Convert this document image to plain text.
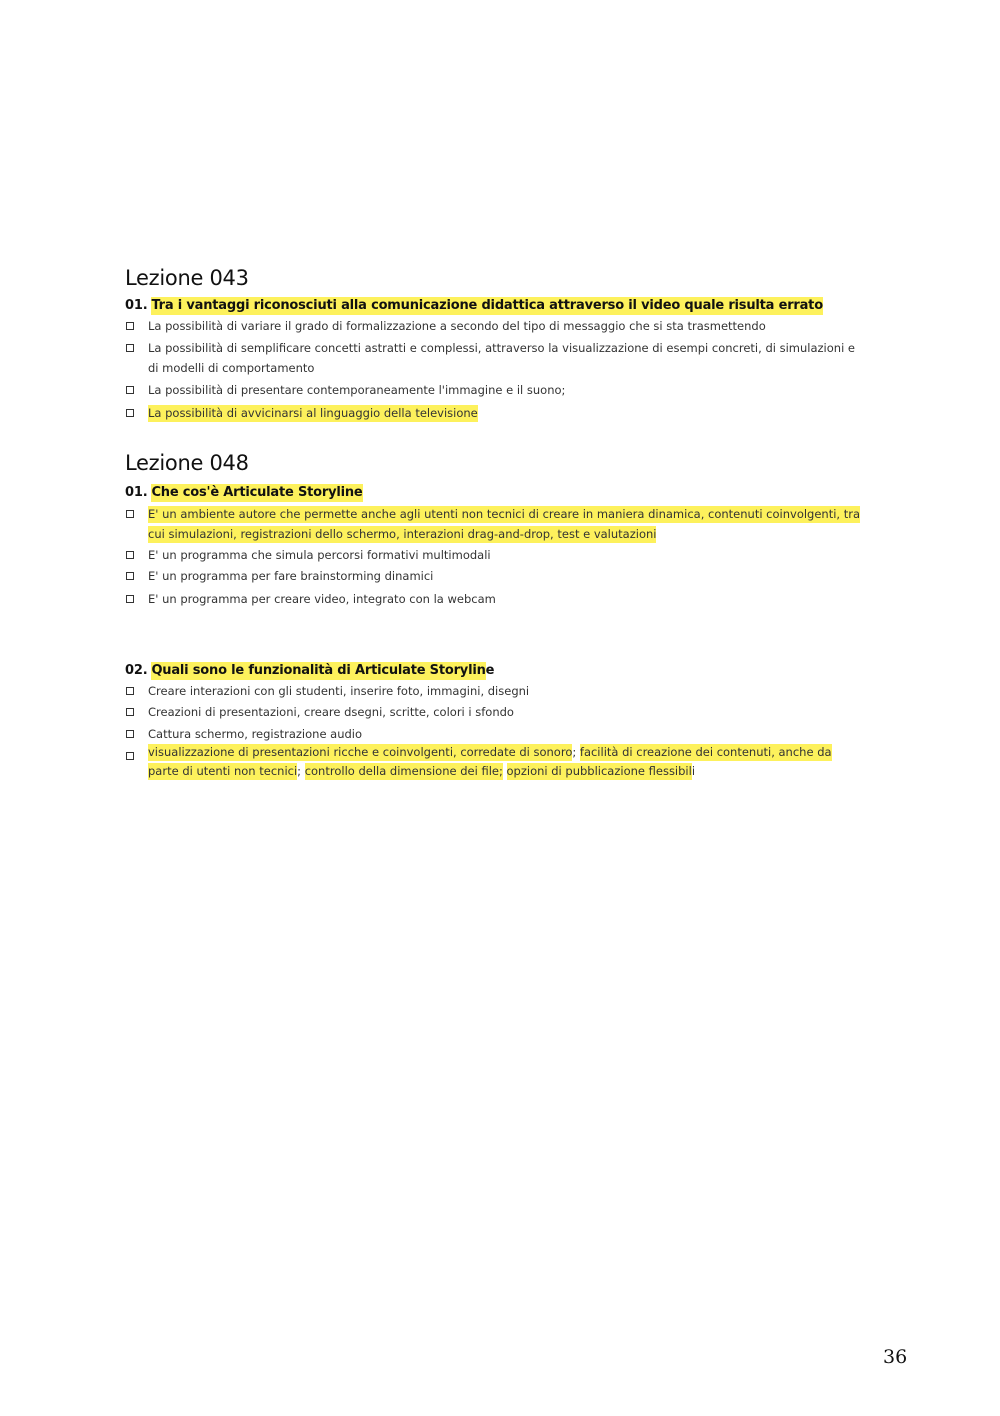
Lezione 043

01. Tra i vantaggi riconosciuti alla comunicazione didattica attraverso il video quale risulta errato

La possibilità di variare il grado di formalizzazione a secondo del tipo di messaggio che si sta trasmettendo
La possibilità di semplificare concetti astratti e complessi, attraverso la visualizzazione di esempi concreti, di simulazioni e di modelli di comportamento
La possibilità di presentare contemporaneamente l'immagine e il suono;
La possibilità di avvicinarsi al linguaggio della televisione
Lezione 048

01. Che cos'è Articulate Storyline

E' un ambiente autore che permette anche agli utenti non tecnici di creare in maniera dinamica, contenuti coinvolgenti, tra cui simulazioni, registrazioni dello schermo, interazioni drag-and-drop, test e valutazioni
E' un programma che simula percorsi formativi multimodali
E' un programma per fare brainstorming dinamici
E' un programma per creare video, integrato con la webcam

02. Quali sono le funzionalità di Articulate Storyline

Creare interazioni con gli studenti, inserire foto, immagini, disegni
Creazioni di presentazioni, creare dsegni, scritte, colori i sfondo
Cattura schermo, registrazione audio
visualizzazione di presentazioni ricche e coinvolgenti, corredate di sonoro; facilità di creazione dei contenuti, anche da parte di utenti non tecnici; controllo della dimensione dei file; opzioni di pubblicazione flessibili
36
